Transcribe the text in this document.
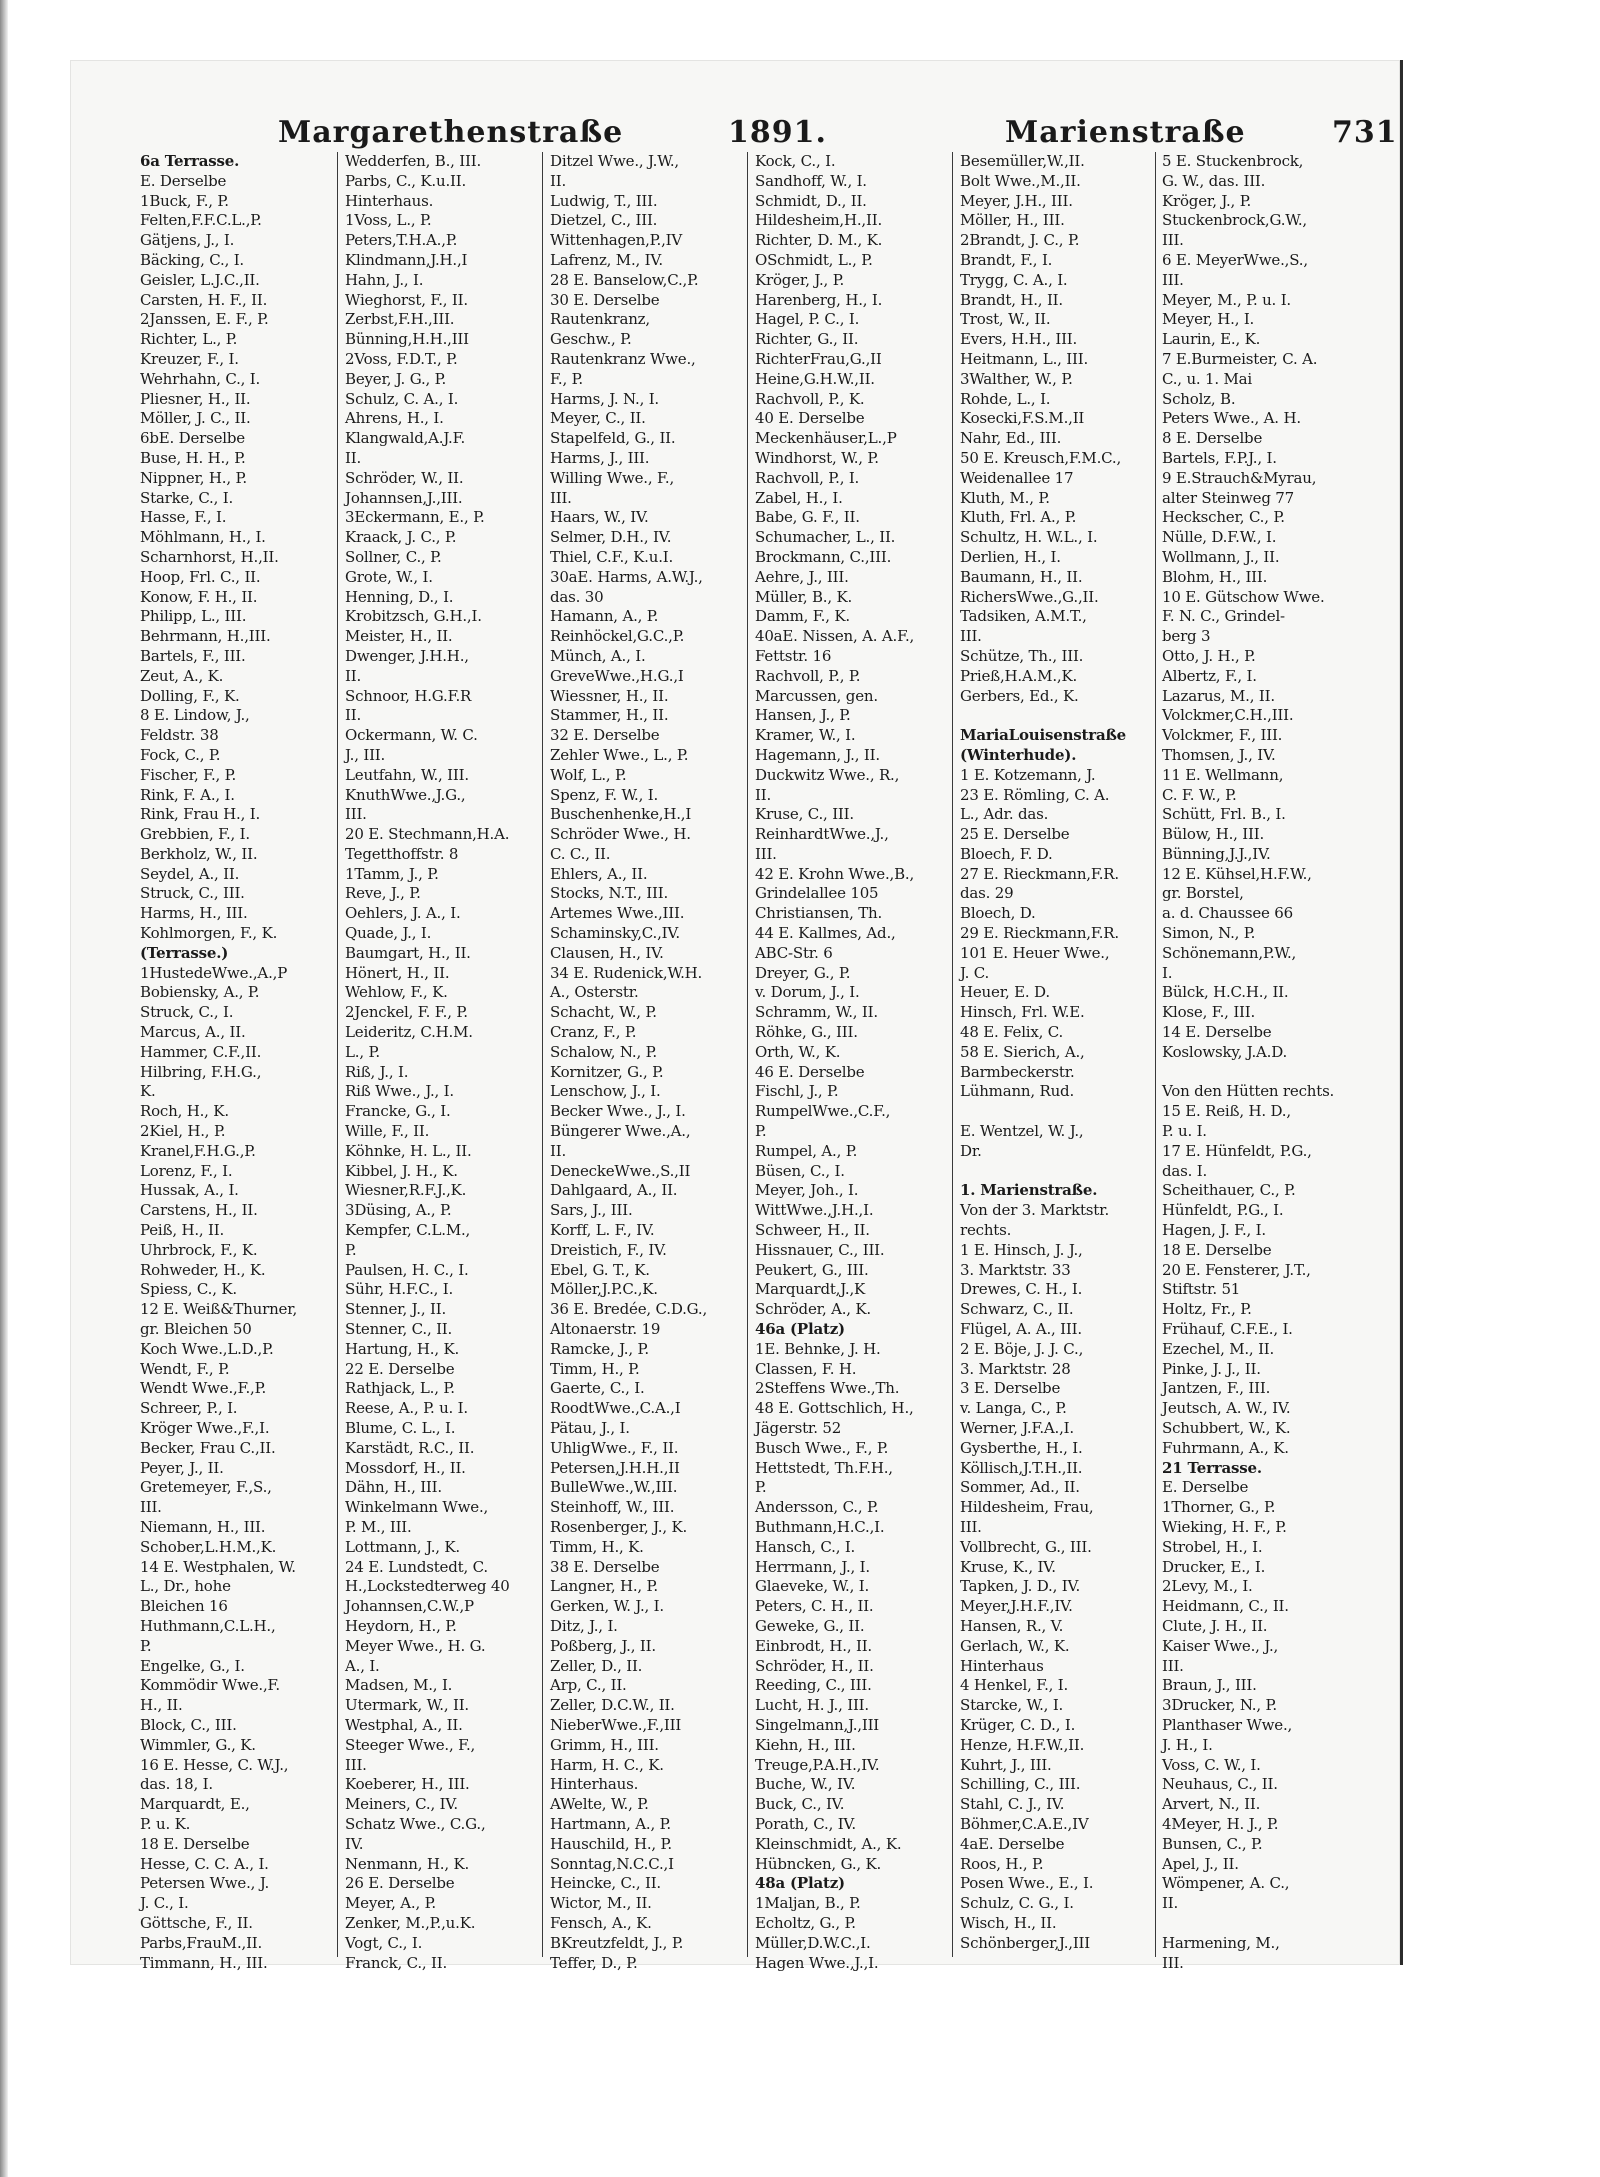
Margarethenstraße	1891.	Marienstraße	731
6a Terrasse.
E. Derselbe
1Buck, F., P.
Felten,F.F.C.L.,P.
Gätjens, J., I.
Bäcking, C., I.
Geisler, L.J.C.,II.
Carsten, H. F., II.
2Janssen, E. F., P.
Richter, L., P.
Kreuzer, F., I.
Wehrhahn, C., I.
Pliesner, H., II.
Möller, J. C., II.
6bE. Derselbe
Buse, H. H., P.
Nippner, H., P.
Starke, C., I.
Hasse, F., I.
Möhlmann, H., I.
Scharnhorst, H.,II.
Hoop, Frl. C., II.
Konow, F. H., II.
Philipp, L., III.
Behrmann, H.,III.
Bartels, F., III.
Zeut, A., K.
Dolling, F., K.
8 E. Lindow, J.,
Feldstr. 38
Fock, C., P.
Fischer, F., P.
Rink, F. A., I.
Rink, Frau H., I.
Grebbien, F., I.
Berkholz, W., II.
Seydel, A., II.
Struck, C., III.
Harms, H., III.
Kohlmorgen, F., K.
(Terrasse.)
1HustedeWwe.,A.,P
Bobiensky, A., P.
Struck, C., I.
Marcus, A., II.
Hammer, C.F.,II.
Hilbring, F.H.G.,
K.
Roch, H., K.
2Kiel, H., P.
Kranel,F.H.G.,P.
Lorenz, F., I.
Hussak, A., I.
Carstens, H., II.
Peiß, H., II.
Uhrbrock, F., K.
Rohweder, H., K.
Spiess, C., K.
12 E. Weiß&Thurner,
gr. Bleichen 50
Koch Wwe.,L.D.,P.
Wendt, F., P.
Wendt Wwe.,F.,P.
Schreer, P., I.
Kröger Wwe.,F.,I.
Becker, Frau C.,II.
Peyer, J., II.
Gretemeyer, F.,S.,
III.
Niemann, H., III.
Schober,L.H.M.,K.
14 E. Westphalen, W.
L., Dr., hohe
Bleichen 16
Huthmann,C.L.H.,
P.
Engelke, G., I.
Kommödir Wwe.,F.
H., II.
Block, C., III.
Wimmler, G., K.
16 E. Hesse, C. W.J.,
das. 18, I.
Marquardt, E.,
P. u. K.
18 E. Derselbe
Hesse, C. C. A., I.
Petersen Wwe., J.
J. C., I.
Göttsche, F., II.
Parbs,FrauM.,II.
Timmann, H., III.
Wedderfen, B., III.
Parbs, C., K.u.II.
Hinterhaus.
1Voss, L., P.
Peters,T.H.A.,P.
Klindmann,J.H.,I
Hahn, J., I.
Wieghorst, F., II.
Zerbst,F.H.,III.
Bünning,H.H.,III
2Voss, F.D.T., P.
Beyer, J. G., P.
Schulz, C. A., I.
Ahrens, H., I.
Klangwald,A.J.F.
II.
Schröder, W., II.
Johannsen,J.,III.
3Eckermann, E., P.
Kraack, J. C., P.
Sollner, C., P.
Grote, W., I.
Henning, D., I.
Krobitzsch, G.H.,I.
Meister, H., II.
Dwenger, J.H.H.,
II.
Schnoor, H.G.F.R
II.
Ockermann, W. C.
J., III.
Leutfahn, W., III.
KnuthWwe.,J.G.,
III.
20 E. Stechmann,H.A.
Tegetthoffstr. 8
1Tamm, J., P.
Reve, J., P.
Oehlers, J. A., I.
Quade, J., I.
Baumgart, H., II.
Hönert, H., II.
Wehlow, F., K.
2Jenckel, F. F., P.
Leideritz, C.H.M.
L., P.
Riß, J., I.
Riß Wwe., J., I.
Francke, G., I.
Wille, F., II.
Köhnke, H. L., II.
Kibbel, J. H., K.
Wiesner,R.F.J.,K.
3Düsing, A., P.
Kempfer, C.L.M.,
P.
Paulsen, H. C., I.
Sühr, H.F.C., I.
Stenner, J., II.
Stenner, C., II.
Hartung, H., K.
22 E. Derselbe
Rathjack, L., P.
Reese, A., P. u. I.
Blume, C. L., I.
Karstädt, R.C., II.
Mossdorf, H., II.
Dähn, H., III.
Winkelmann Wwe.,
P. M., III.
Lottmann, J., K.
24 E. Lundstedt, C.
H.,Lockstedterweg 40
Johannsen,C.W.,P
Heydorn, H., P.
Meyer Wwe., H. G.
A., I.
Madsen, M., I.
Utermark, W., II.
Westphal, A., II.
Steeger Wwe., F.,
III.
Koeberer, H., III.
Meiners, C., IV.
Schatz Wwe., C.G.,
IV.
Nenmann, H., K.
26 E. Derselbe
Meyer, A., P.
Zenker, M.,P.,u.K.
Vogt, C., I.
Franck, C., II.
Ditzel Wwe., J.W.,
II.
Ludwig, T., III.
Dietzel, C., III.
Wittenhagen,P.,IV
Lafrenz, M., IV.
28 E. Banselow,C.,P.
30 E. Derselbe
Rautenkranz,
Geschw., P.
Rautenkranz Wwe.,
F., P.
Harms, J. N., I.
Meyer, C., II.
Stapelfeld, G., II.
Harms, J., III.
Willing Wwe., F.,
III.
Haars, W., IV.
Selmer, D.H., IV.
Thiel, C.F., K.u.I.
30aE. Harms, A.W.J.,
das. 30
Hamann, A., P.
Reinhöckel,G.C.,P.
Münch, A., I.
GreveWwe.,H.G.,I
Wiessner, H., II.
Stammer, H., II.
32 E. Derselbe
Zehler Wwe., L., P.
Wolf, L., P.
Spenz, F. W., I.
Buschenhenke,H.,I
Schröder Wwe., H.
C. C., II.
Ehlers, A., II.
Stocks, N.T., III.
Artemes Wwe.,III.
Schaminsky,C.,IV.
Clausen, H., IV.
34 E. Rudenick,W.H.
A., Osterstr.
Schacht, W., P.
Cranz, F., P.
Schalow, N., P.
Kornitzer, G., P.
Lenschow, J., I.
Becker Wwe., J., I.
Büngerer Wwe.,A.,
II.
DeneckeWwe.,S.,II
Dahlgaard, A., II.
Sars, J., III.
Korff, L. F., IV.
Dreistich, F., IV.
Ebel, G. T., K.
Möller,J.P.C.,K.
36 E. Bredée, C.D.G.,
Altonaerstr. 19
Ramcke, J., P.
Timm, H., P.
Gaerte, C., I.
RoodtWwe.,C.A.,I
Pätau, J., I.
UhligWwe., F., II.
Petersen,J.H.H.,II
BulleWwe.,W.,III.
Steinhoff, W., III.
Rosenberger, J., K.
Timm, H., K.
38 E. Derselbe
Langner, H., P.
Gerken, W. J., I.
Ditz, J., I.
Poßberg, J., II.
Zeller, D., II.
Arp, C., II.
Zeller, D.C.W., II.
NieberWwe.,F.,III
Grimm, H., III.
Harm, H. C., K.
Hinterhaus.
AWelte, W., P.
Hartmann, A., P.
Hauschild, H., P.
Sonntag,N.C.C.,I
Heincke, C., II.
Wictor, M., II.
Fensch, A., K.
BKreutzfeldt, J., P.
Teffer, D., P.
Kock, C., I.
Sandhoff, W., I.
Schmidt, D., II.
Hildesheim,H.,II.
Richter, D. M., K.
OSchmidt, L., P.
Kröger, J., P.
Harenberg, H., I.
Hagel, P. C., I.
Richter, G., II.
RichterFrau,G.,II
Heine,G.H.W.,II.
Rachvoll, P., K.
40 E. Derselbe
Meckenhäuser,L.,P
Windhorst, W., P.
Rachvoll, P., I.
Zabel, H., I.
Babe, G. F., II.
Schumacher, L., II.
Brockmann, C.,III.
Aehre, J., III.
Müller, B., K.
Damm, F., K.
40aE. Nissen, A. A.F.,
Fettstr. 16
Rachvoll, P., P.
Marcussen, gen.
Hansen, J., P.
Kramer, W., I.
Hagemann, J., II.
Duckwitz Wwe., R.,
II.
Kruse, C., III.
ReinhardtWwe.,J.,
III.
42 E. Krohn Wwe.,B.,
Grindelallee 105
Christiansen, Th.
44 E. Kallmes, Ad.,
ABC-Str. 6
Dreyer, G., P.
v. Dorum, J., I.
Schramm, W., II.
Röhke, G., III.
Orth, W., K.
46 E. Derselbe
Fischl, J., P.
RumpelWwe.,C.F.,
P.
Rumpel, A., P.
Büsen, C., I.
Meyer, Joh., I.
WittWwe.,J.H.,I.
Schweer, H., II.
Hissnauer, C., III.
Peukert, G., III.
Marquardt,J.,K
Schröder, A., K.
46a (Platz)
1E. Behnke, J. H.
Classen, F. H.
2Steffens Wwe.,Th.
48 E. Gottschlich, H.,
Jägerstr. 52
Busch Wwe., F., P.
Hettstedt, Th.F.H.,
P.
Andersson, C., P.
Buthmann,H.C.,I.
Hansch, C., I.
Herrmann, J., I.
Glaeveke, W., I.
Peters, C. H., II.
Geweke, G., II.
Einbrodt, H., II.
Schröder, H., II.
Reeding, C., III.
Lucht, H. J., III.
Singelmann,J.,III
Kiehn, H., III.
Treuge,P.A.H.,IV.
Buche, W., IV.
Buck, C., IV.
Porath, C., IV.
Kleinschmidt, A., K.
Hübncken, G., K.
48a (Platz)
1Maljan, B., P.
Echoltz, G., P.
Müller,D.W.C.,I.
Hagen Wwe.,J.,I.
Besemüller,W.,II.
Bolt Wwe.,M.,II.
Meyer, J.H., III.
Möller, H., III.
2Brandt, J. C., P.
Brandt, F., I.
Trygg, C. A., I.
Brandt, H., II.
Trost, W., II.
Evers, H.H., III.
Heitmann, L., III.
3Walther, W., P.
Rohde, L., I.
Kosecki,F.S.M.,II
Nahr, Ed., III.
50 E. Kreusch,F.M.C.,
Weidenallee 17
Kluth, M., P.
Kluth, Frl. A., P.
Schultz, H. W.L., I.
Derlien, H., I.
Baumann, H., II.
RichersWwe.,G.,II.
Tadsiken, A.M.T.,
III.
Schütze, Th., III.
Prieß,H.A.M.,K.
Gerbers, Ed., K.
MariaLouisenstraße
(Winterhude).
1 E. Kotzemann, J.
23 E. Römling, C. A.
L., Adr. das.
25 E. Derselbe
Bloech, F. D.
27 E. Rieckmann,F.R.
das. 29
Bloech, D.
29 E. Rieckmann,F.R.
101 E. Heuer Wwe.,
J. C.
Heuer, E. D.
Hinsch, Frl. W.E.
48 E. Felix, C.
58 E. Sierich, A.,
Barmbeckerstr.
Lühmann, Rud.
E. Wentzel, W. J.,
Dr.
1. Marienstraße.
Von der 3. Marktstr.
rechts.
1 E. Hinsch, J. J.,
3. Marktstr. 33
Drewes, C. H., I.
Schwarz, C., II.
Flügel, A. A., III.
2 E. Böje, J. J. C.,
3. Marktstr. 28
3 E. Derselbe
v. Langa, C., P.
Werner, J.F.A.,I.
Gysberthe, H., I.
Köllisch,J.T.H.,II.
Sommer, Ad., II.
Hildesheim, Frau,
III.
Vollbrecht, G., III.
Kruse, K., IV.
Tapken, J. D., IV.
Meyer,J.H.F.,IV.
Hansen, R., V.
Gerlach, W., K.
Hinterhaus
4 Henkel, F., I.
Starcke, W., I.
Krüger, C. D., I.
Henze, H.F.W.,II.
Kuhrt, J., III.
Schilling, C., III.
Stahl, C. J., IV.
Böhmer,C.A.E.,IV
4aE. Derselbe
Roos, H., P.
Posen Wwe., E., I.
Schulz, C. G., I.
Wisch, H., II.
Schönberger,J.,III
5 E. Stuckenbrock,
G. W., das. III.
Kröger, J., P.
Stuckenbrock,G.W.,
III.
6 E. MeyerWwe.,S.,
III.
Meyer, M., P. u. I.
Meyer, H., I.
Laurin, E., K.
7 E.Burmeister, C. A.
C., u. 1. Mai
Scholz, B.
Peters Wwe., A. H.
8 E. Derselbe
Bartels, F.P.J., I.
9 E.Strauch&Myrau,
alter Steinweg 77
Heckscher, C., P.
Nülle, D.F.W., I.
Wollmann, J., II.
Blohm, H., III.
10 E. Gütschow Wwe.
F. N. C., Grindel-
berg 3
Otto, J. H., P.
Albertz, F., I.
Lazarus, M., II.
Volckmer,C.H.,III.
Volckmer, F., III.
Thomsen, J., IV.
11 E. Wellmann,
C. F. W., P.
Schütt, Frl. B., I.
Bülow, H., III.
Bünning,J.J.,IV.
12 E. Kühsel,H.F.W.,
gr. Borstel,
a. d. Chaussee 66
Simon, N., P.
Schönemann,P.W.,
I.
Bülck, H.C.H., II.
Klose, F., III.
14 E. Derselbe
Koslowsky, J.A.D.
Von den Hütten rechts.
15 E. Reiß, H. D.,
P. u. I.
17 E. Hünfeldt, P.G.,
das. I.
Scheithauer, C., P.
Hünfeldt, P.G., I.
Hagen, J. F., I.
18 E. Derselbe
20 E. Fensterer, J.T.,
Stiftstr. 51
Holtz, Fr., P.
Frühauf, C.F.E., I.
Ezechel, M., II.
Pinke, J. J., II.
Jantzen, F., III.
Jeutsch, A. W., IV.
Schubbert, W., K.
Fuhrmann, A., K.
21 Terrasse.
E. Derselbe
1Thorner, G., P.
Wieking, H. F., P.
Strobel, H., I.
Drucker, E., I.
2Levy, M., I.
Heidmann, C., II.
Clute, J. H., II.
Kaiser Wwe., J.,
III.
Braun, J., III.
3Drucker, N., P.
Planthaser Wwe.,
J. H., I.
Voss, C. W., I.
Neuhaus, C., II.
Arvert, N., II.
4Meyer, H. J., P.
Bunsen, C., P.
Apel, J., II.
Wömpener, A. C.,
II.
Harmening, M.,
III.
